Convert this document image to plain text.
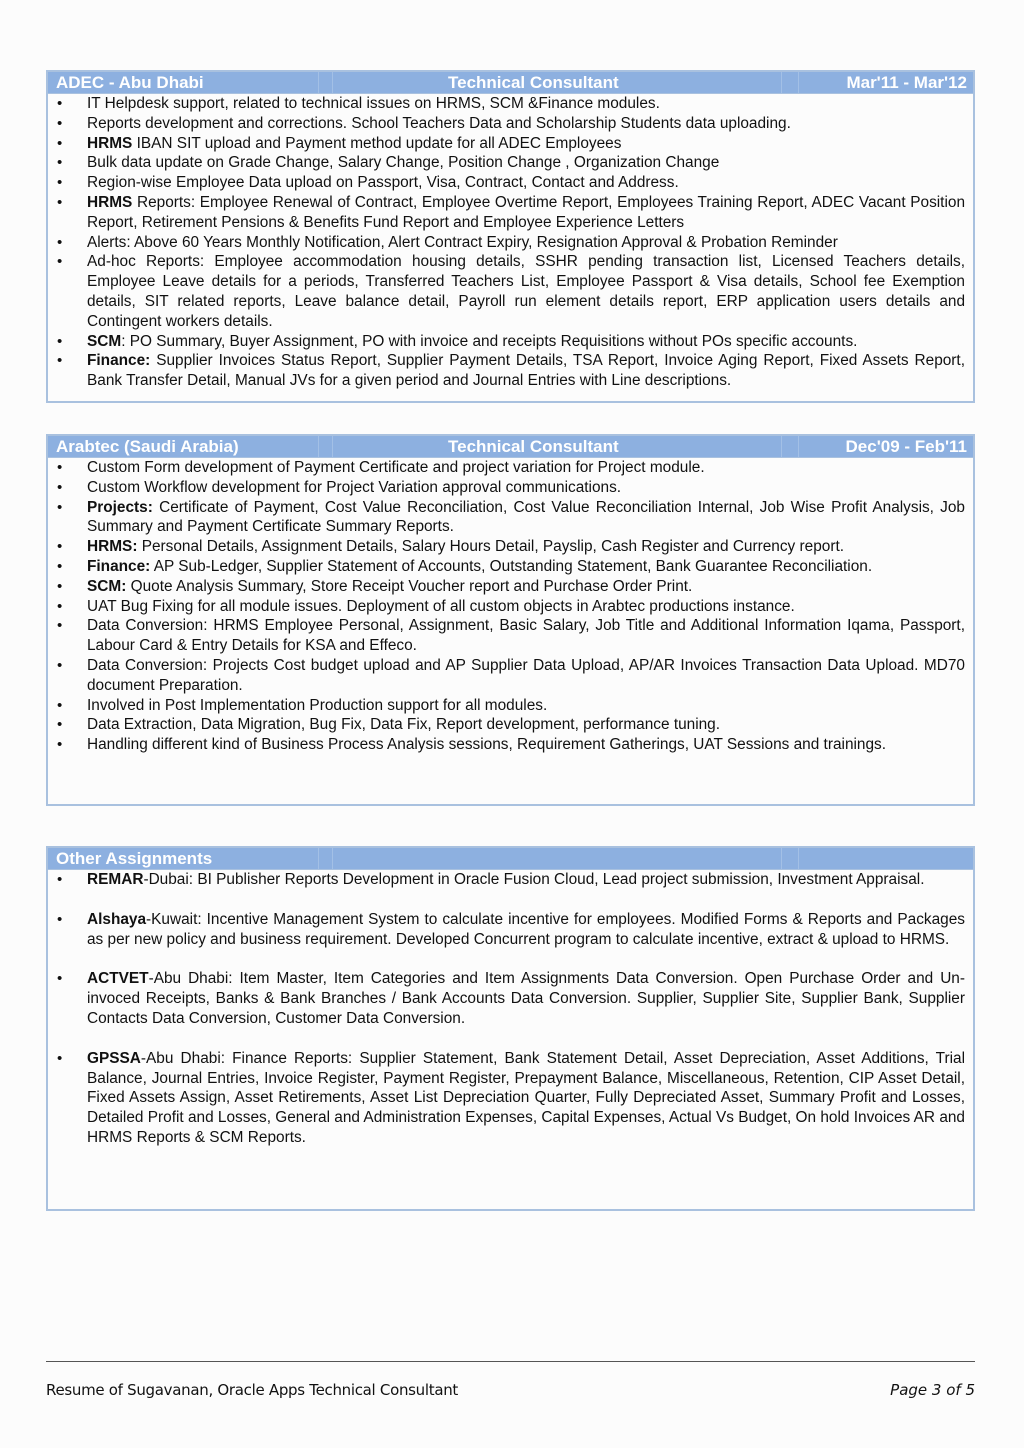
ADEC - Abu Dhabi	Technical Consultant	Mar'11 - Mar'12
• IT Helpdesk support, related to technical issues on HRMS, SCM &Finance modules.
• Reports development and corrections. School Teachers Data and Scholarship Students data uploading.
• HRMS IBAN SIT upload and Payment method update for all ADEC Employees
• Bulk data update on Grade Change, Salary Change, Position Change , Organization Change
• Region-wise Employee Data upload on Passport, Visa, Contract, Contact and Address.
• HRMS Reports: Employee Renewal of Contract, Employee Overtime Report, Employees Training Report, ADEC Vacant Position Report, Retirement Pensions & Benefits Fund Report and Employee Experience Letters
• Alerts: Above 60 Years Monthly Notification, Alert Contract Expiry, Resignation Approval & Probation Reminder
• Ad-hoc Reports: Employee accommodation housing details, SSHR pending transaction list, Licensed Teachers details, Employee Leave details for a periods, Transferred Teachers List, Employee Passport & Visa details, School fee Exemption details, SIT related reports, Leave balance detail, Payroll run element details report, ERP application users details and Contingent workers details.
• SCM: PO Summary, Buyer Assignment, PO with invoice and receipts Requisitions without POs specific accounts.
• Finance: Supplier Invoices Status Report, Supplier Payment Details, TSA Report, Invoice Aging Report, Fixed Assets Report, Bank Transfer Detail, Manual JVs for a given period and Journal Entries with Line descriptions.
Arabtec (Saudi Arabia)	Technical Consultant	Dec'09 - Feb'11
• Custom Form development of Payment Certificate and project variation for Project module.
• Custom Workflow development for Project Variation approval communications.
• Projects: Certificate of Payment, Cost Value Reconciliation, Cost Value Reconciliation Internal, Job Wise Profit Analysis, Job Summary and Payment Certificate Summary Reports.
• HRMS: Personal Details, Assignment Details, Salary Hours Detail, Payslip, Cash Register and Currency report.
• Finance: AP Sub-Ledger, Supplier Statement of Accounts, Outstanding Statement, Bank Guarantee Reconciliation.
• SCM: Quote Analysis Summary, Store Receipt Voucher report and Purchase Order Print.
• UAT Bug Fixing for all module issues. Deployment of all custom objects in Arabtec productions instance.
• Data Conversion: HRMS Employee Personal, Assignment, Basic Salary, Job Title and Additional Information Iqama, Passport, Labour Card & Entry Details for KSA and Effeco.
• Data Conversion: Projects Cost budget upload and AP Supplier Data Upload, AP/AR Invoices Transaction Data Upload. MD70 document Preparation.
• Involved in Post Implementation Production support for all modules.
• Data Extraction, Data Migration, Bug Fix, Data Fix, Report development, performance tuning.
• Handling different kind of Business Process Analysis sessions, Requirement Gatherings, UAT Sessions and trainings.
Other Assignments
• REMAR-Dubai: BI Publisher Reports Development in Oracle Fusion Cloud, Lead project submission, Investment Appraisal.
• Alshaya-Kuwait: Incentive Management System to calculate incentive for employees. Modified Forms & Reports and Packages as per new policy and business requirement. Developed Concurrent program to calculate incentive, extract & upload to HRMS.
• ACTVET-Abu Dhabi: Item Master, Item Categories and Item Assignments Data Conversion. Open Purchase Order and Un-invoced Receipts, Banks & Bank Branches / Bank Accounts Data Conversion. Supplier, Supplier Site, Supplier Bank, Supplier Contacts Data Conversion, Customer Data Conversion.
• GPSSA-Abu Dhabi: Finance Reports: Supplier Statement, Bank Statement Detail, Asset Depreciation, Asset Additions, Trial Balance, Journal Entries, Invoice Register, Payment Register, Prepayment Balance, Miscellaneous, Retention, CIP Asset Detail, Fixed Assets Assign, Asset Retirements, Asset List Depreciation Quarter, Fully Depreciated Asset, Summary Profit and Losses, Detailed Profit and Losses, General and Administration Expenses, Capital Expenses, Actual Vs Budget, On hold Invoices AR and HRMS Reports & SCM Reports.
Resume of Sugavanan, Oracle Apps Technical Consultant	Page 3 of 5
